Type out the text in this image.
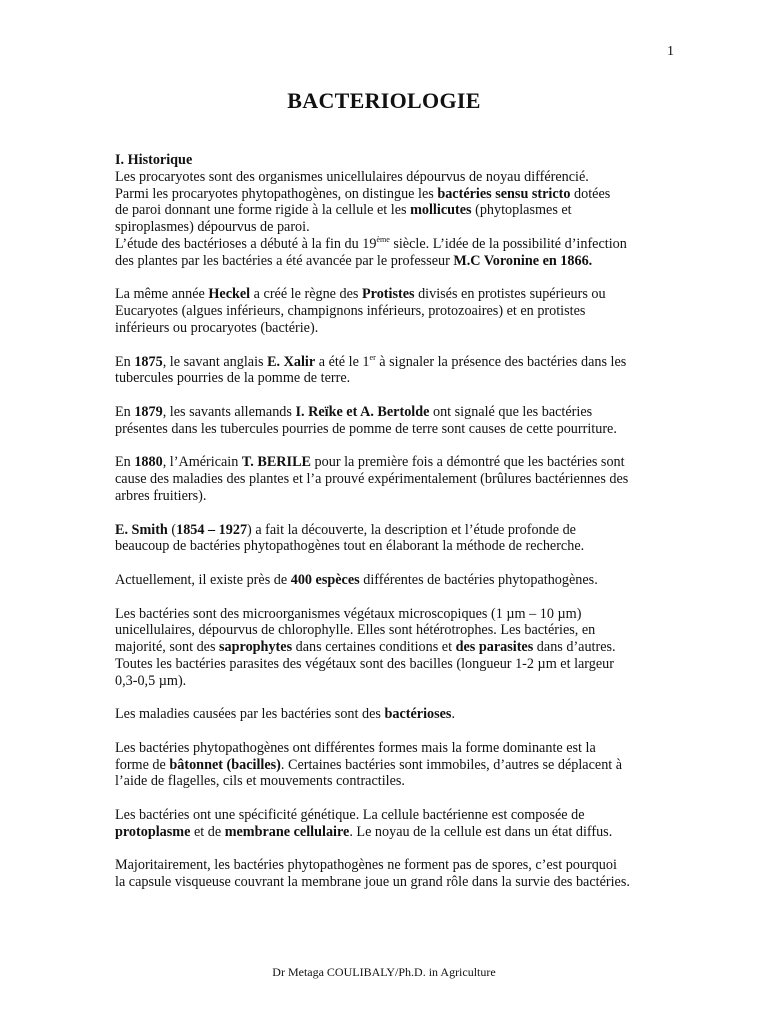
1
BACTERIOLOGIE

I. Historique
Les procaryotes sont des organismes unicellulaires dépourvus de noyau différencié.
Parmi les procaryotes phytopathogènes, on distingue les bactéries sensu stricto dotées
de paroi donnant une forme rigide à la cellule et les mollicutes (phytoplasmes et
spiroplasmes) dépourvus de paroi.
L’étude des bactérioses a débuté à la fin du 19ème siècle. L’idée de la possibilité d’infection
des plantes par les bactéries a été avancée par le professeur M.C Voronine en 1866.

La même année Heckel a créé le règne des Protistes divisés en protistes supérieurs ou
Eucaryotes (algues inférieurs, champignons inférieurs, protozoaires) et en protistes
inférieurs ou procaryotes (bactérie).

En 1875, le savant anglais E. Xalir a été le 1er à signaler la présence des bactéries dans les
tubercules pourries de la pomme de terre.

En 1879, les savants allemands I. Reïke et A. Bertolde ont signalé que les bactéries
présentes dans les tubercules pourries de pomme de terre sont causes de cette pourriture.

En 1880, l’Américain T. BERILE pour la première fois a démontré que les bactéries sont
cause des maladies des plantes et l’a prouvé expérimentalement (brûlures bactériennes des
arbres fruitiers).

E. Smith (1854 – 1927) a fait la découverte, la description et l’étude profonde de
beaucoup de bactéries phytopathogènes tout en élaborant la méthode de recherche.

Actuellement, il existe près de 400 espèces différentes de bactéries phytopathogènes.

Les bactéries sont des microorganismes végétaux microscopiques (1 µm – 10 µm)
unicellulaires, dépourvus de chlorophylle. Elles sont hétérotrophes. Les bactéries, en
majorité, sont des saprophytes dans certaines conditions et des parasites dans d’autres.
Toutes les bactéries parasites des végétaux sont des bacilles (longueur 1-2 µm et largeur
0,3-0,5 µm).

Les maladies causées par les bactéries sont des bactérioses.

Les bactéries phytopathogènes ont différentes formes mais la forme dominante est la
forme de bâtonnet (bacilles). Certaines bactéries sont immobiles, d’autres se déplacent à
l’aide de flagelles, cils et mouvements contractiles.

Les bactéries ont une spécificité génétique. La cellule bactérienne est composée de
protoplasme et de membrane cellulaire. Le noyau de la cellule est dans un état diffus.

Majoritairement, les bactéries phytopathogènes ne forment pas de spores, c’est pourquoi
la capsule visqueuse couvrant la membrane joue un grand rôle dans la survie des bactéries.

Dr Metaga COULIBALY/Ph.D. in Agriculture
